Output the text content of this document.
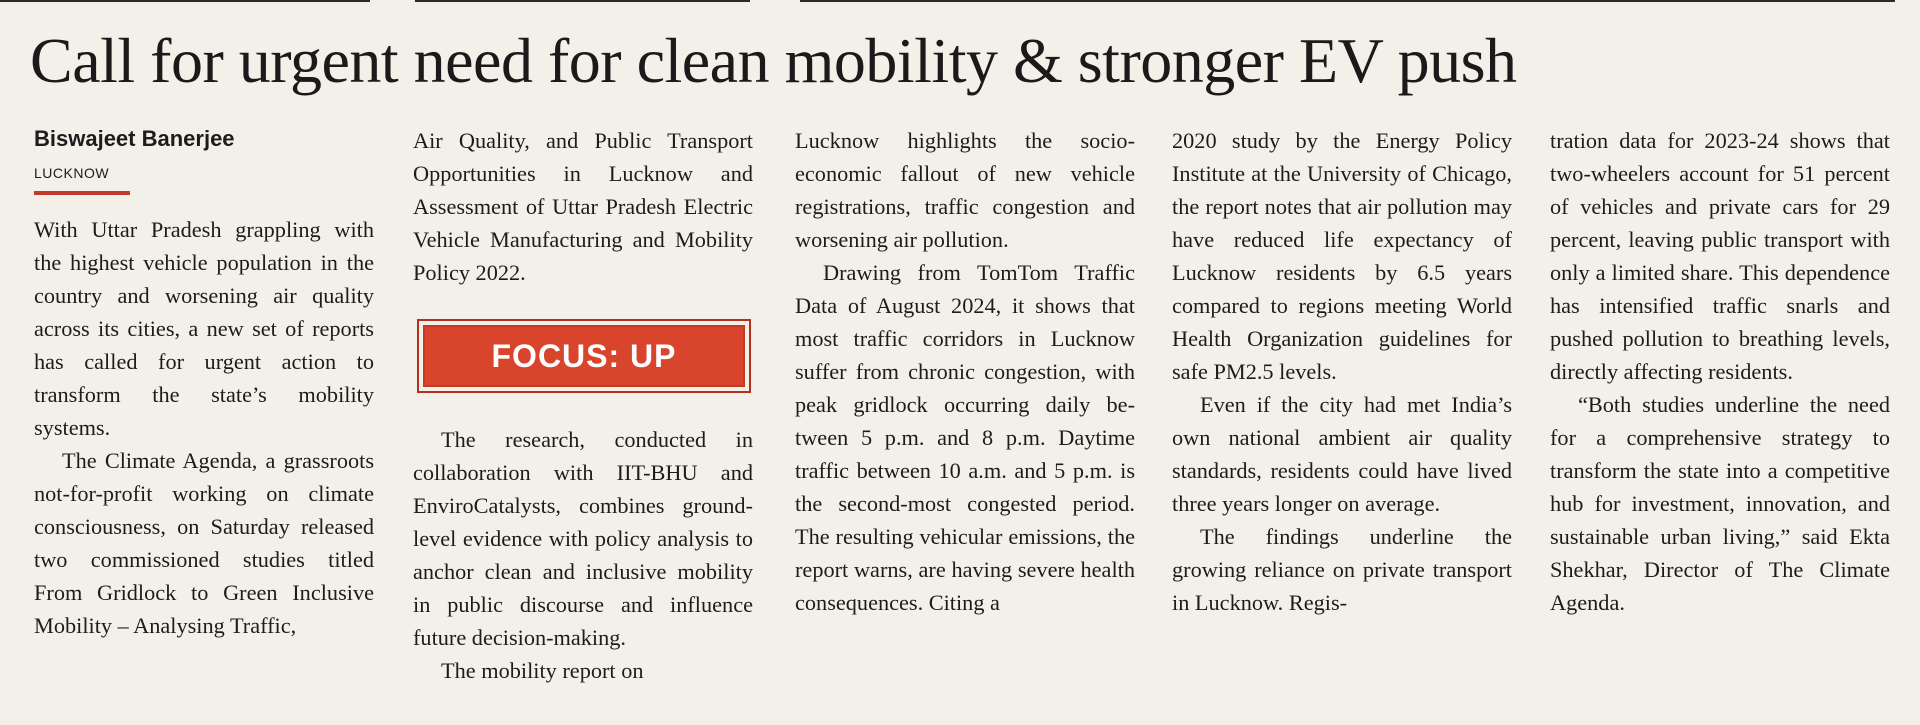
Call for urgent need for clean mobility & stronger EV push
Biswajeet Banerjee
LUCKNOW

With Uttar Pradesh grappling with the highest vehicle population in the country and worsening air quality across its cities, a new set of reports has called for urgent action to transform the state’s mobility systems.

The Climate Agenda, a grassroots not-for-profit working on climate consciousness, on Saturday released two commissioned studies titled From Gridlock to Green Inclusive Mobility – Analysing Traffic,

Air Quality, and Public Transport Opportunities in Lucknow and Assessment of Uttar Pradesh Electric Vehicle Manufacturing and Mobility Policy 2022.

FOCUS: UP

The research, conducted in collaboration with IIT-BHU and EnviroCatalysts, combines ground-level evidence with policy analysis to anchor clean and inclusive mobility in public discourse and influence future decision-making.

The mobility report on

Lucknow highlights the socioeconomic fallout of new vehicle registrations, traffic congestion and worsening air pollution.

Drawing from TomTom Traffic Data of August 2024, it shows that most traffic corridors in Lucknow suffer from chronic congestion, with peak gridlock occurring daily between 5 p.m. and 8 p.m. Daytime traffic between 10 a.m. and 5 p.m. is the second-most congested period. The resulting vehicular emissions, the report warns, are having severe health consequences. Citing a

2020 study by the Energy Policy Institute at the University of Chicago, the report notes that air pollution may have reduced life expectancy of Lucknow residents by 6.5 years compared to regions meeting World Health Organization guidelines for safe PM2.5 levels.

Even if the city had met India’s own national ambient air quality standards, residents could have lived three years longer on average.

The findings underline the growing reliance on private transport in Lucknow. Regis-

tration data for 2023-24 shows that two-wheelers account for 51 percent of vehicles and private cars for 29 percent, leaving public transport with only a limited share. This dependence has intensified traffic snarls and pushed pollution to breathing levels, directly affecting residents.

“Both studies underline the need for a comprehensive strategy to transform the state into a competitive hub for investment, innovation, and sustainable urban living,” said Ekta Shekhar, Director of The Climate Agenda.
